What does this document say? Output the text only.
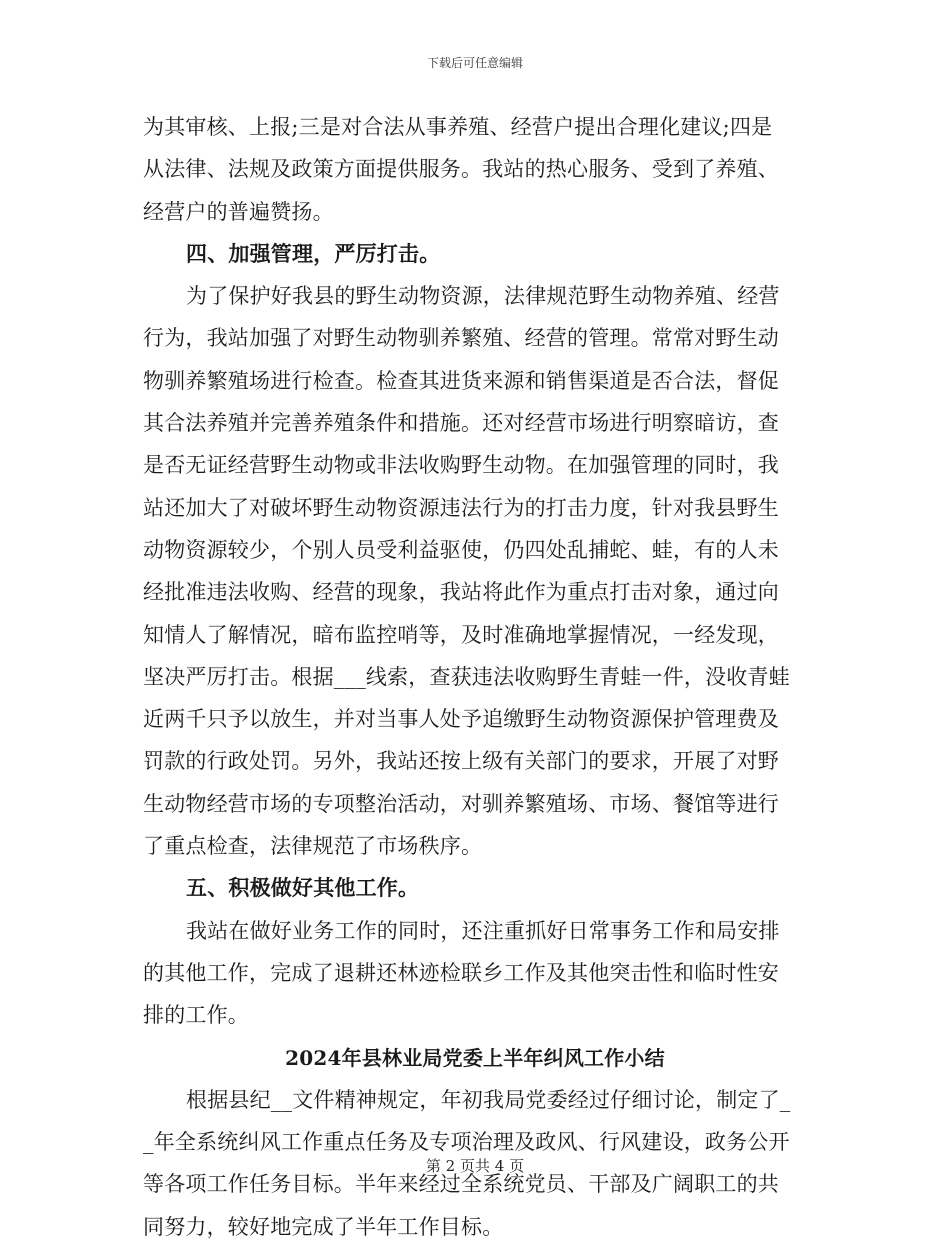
下载后可任意编辑
为其审核、上报;三是对合法从事养殖、经营户提出合理化建议;四是
从法律、法规及政策方面提供服务。我站的热心服务、受到了养殖、
经营户的普遍赞扬。
四、加强管理，严厉打击。
为了保护好我县的野生动物资源，法律规范野生动物养殖、经营
行为，我站加强了对野生动物驯养繁殖、经营的管理。常常对野生动
物驯养繁殖场进行检查。检查其进货来源和销售渠道是否合法，督促
其合法养殖并完善养殖条件和措施。还对经营市场进行明察暗访，查
是否无证经营野生动物或非法收购野生动物。在加强管理的同时，我
站还加大了对破坏野生动物资源违法行为的打击力度，针对我县野生
动物资源较少，个别人员受利益驱使，仍四处乱捕蛇、蛙，有的人未
经批准违法收购、经营的现象，我站将此作为重点打击对象，通过向
知情人了解情况，暗布监控哨等，及时准确地掌握情况，一经发现，
坚决严厉打击。根据___线索，查获违法收购野生青蛙一件，没收青蛙
近两千只予以放生，并对当事人处予追缴野生动物资源保护管理费及
罚款的行政处罚。另外，我站还按上级有关部门的要求，开展了对野
生动物经营市场的专项整治活动，对驯养繁殖场、市场、餐馆等进行
了重点检查，法律规范了市场秩序。
五、积极做好其他工作。
我站在做好业务工作的同时，还注重抓好日常事务工作和局安排
的其他工作，完成了退耕还林迹检联乡工作及其他突击性和临时性安
排的工作。
2024年县林业局党委上半年纠风工作小结
根据县纪__文件精神规定，年初我局党委经过仔细讨论，制定了_
_年全系统纠风工作重点任务及专项治理及政风、行风建设，政务公开
等各项工作任务目标。半年来经过全系统党员、干部及广阔职工的共
同努力，较好地完成了半年工作目标。
第 2 页共 4 页
